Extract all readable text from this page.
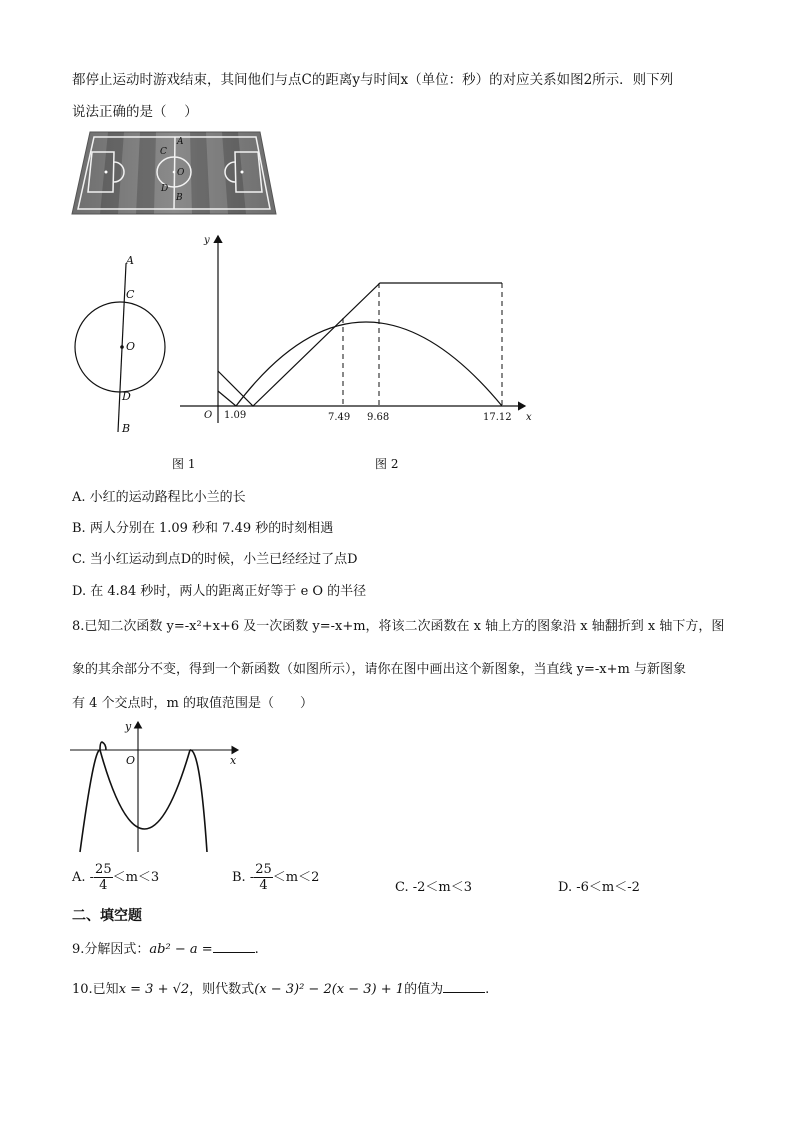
都停止运动时游戏结束，其间他们与点C的距离y与时间x（单位：秒）的对应关系如图2所示．则下列
说法正确的是（　 ）
A
C
O
D
B
A
C
O
D
B
图 1
y
x
O 1.09	7.49 9.68	17.12
图 2
A. 小红的运动路程比小兰的长
B. 两人分别在 1.09 秒和 7.49 秒的时刻相遇
C. 当小红运动到点D的时候，小兰已经经过了点D
D. 在 4.84 秒时，两人的距离正好等于 e O 的半径
8.已知二次函数 y=-x²+x+6 及一次函数 y=-x+m，将该二次函数在 x 轴上方的图象沿 x 轴翻折到 x 轴下方，图
象的其余部分不变，得到一个新函数（如图所示），请你在图中画出这个新图象，当直线 y=-x+m 与新图象
有 4 个交点时，m 的取值范围是（　　）
y
x
O
A. - $\frac{25}{4} <m<3$	B. - $\frac{25}{4} <m<2$
C. -2＜m＜3	D. -6＜m＜-2
二、填空题
9.分解因式：ab² − a =	.
10.已知x = 3 + √2，则代数式(x − 3)² − 2(x − 3) + 1的值为	.
